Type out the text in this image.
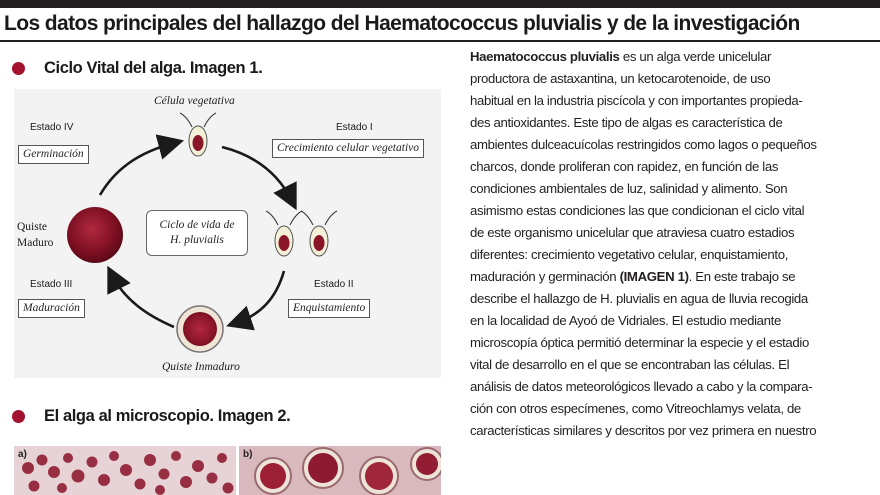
Los datos principales del hallazgo del Haematococcus pluvialis y de la investigación
Ciclo Vital del alga. Imagen 1.
Célula vegetativa
Quiste Inmaduro
Quiste
Maduro
Ciclo de vida de
H. pluvialis
Estado IV
Germinación
Estado I
Crecimiento celular vegetativo
Estado II
Enquistamiento
Estado III
Maduración
El alga al microscopio. Imagen 2.
a)	b)
Haematococcus pluvialis es un alga verde unicelular
productora de astaxantina, un ketocarotenoide, de uso
habitual en la industria piscícola y con importantes propieda-
des antioxidantes. Este tipo de algas es característica de
ambientes dulceacuícolas restringidos como lagos o pequeños
charcos, donde proliferan con rapidez, en función de las
condiciones ambientales de luz, salinidad y alimento. Son
asimismo estas condiciones las que condicionan el ciclo vital
de este organismo unicelular que atraviesa cuatro estadios
diferentes: crecimiento vegetativo celular, enquistamiento,
maduración y germinación (IMAGEN 1). En este trabajo se
describe el hallazgo de H. pluvialis en agua de lluvia recogida
en la localidad de Ayoó de Vidriales. El estudio mediante
microscopía óptica permitió determinar la especie y el estadio
vital de desarrollo en el que se encontraban las células. El
análisis de datos meteorológicos llevado a cabo y la compara-
ción con otros especímenes, como Vitreochlamys velata, de
características similares y descritos por vez primera en nuestro
